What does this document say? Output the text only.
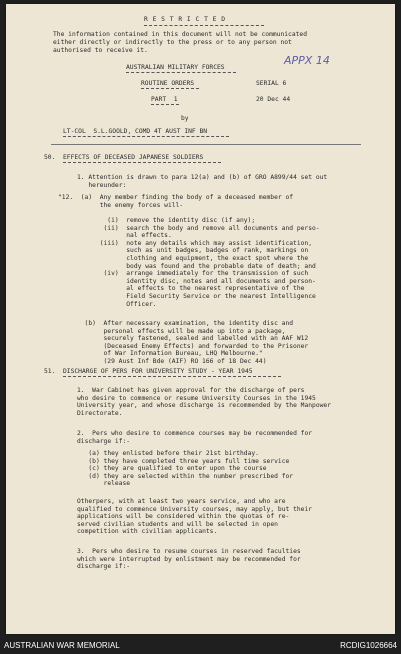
R E S T R I C T E D
The information contained in this document will not be communicated
either directly or indirectly to the press or to any person not
authorised to receive it.
APPX 14
AUSTRALIAN MILITARY FORCES
ROUTINE ORDERS	SERIAL 6
PART  1	20 Dec 44
by
LT-COL  S.L.GOOLD, COMD 4T AUST INF BN
50. EFFECTS OF DECEASED JAPANESE SOLDIERS
1. Attention is drawn to para 12(a) and (b) of GRO A899/44 set out
hereunder:
"12.  (a)  Any member finding the body of a deceased member of
the enemy forces will-
(i)  remove the identity disc (if any);
(ii)  search the body and remove all documents and perso-
nal effects.
(iii)  note any details which may assist identification,
such as unit badges, badges of rank, markings on
clothing and equipment, the exact spot where the
body was found and the probable date of death; and
(iv)  arrange immediately for the transmission of such
identity disc, notes and all documents and person-
al effects to the nearest representative of the
Field Security Service or the nearest Intelligence
Officer.
(b)  After necessary examination, the identity disc and
personal effects will be made up into a package,
securely fastened, sealed and labelled with an AAF W12
(Deceased Enemy Effects) and forwarded to the Prisoner
of War Information Bureau, LHQ Melbourne."
(29 Aust Inf Bde (AIF) RO 166 of 18 Dec 44)
51. DISCHARGE OF PERS FOR UNIVERSITY STUDY - YEAR 1945
1.  War Cabinet has given approval for the discharge of pers
who desire to commence or resume University Courses in the 1945
University year, and whose discharge is recommended by the Manpower
Directorate.
2.  Pers who desire to commence courses may be recommended for
discharge if:-
(a) they enlisted before their 21st birthday.
(b) they have completed three years full time service
(c) they are qualified to enter upon the course
(d) they are selected within the number prescribed for
release
Otherpers, with at least two years service, and who are
qualified to commence University courses, may apply, but their
applications will be considered within the quotas of re-
served civilian students and will be selected in open
competition with civilian applicants.
3.  Pers who desire to resume courses in reserved faculties
which were interrupted by enlistment may be recommended for
discharge if:-
AUSTRALIAN WAR MEMORIAL	RCDIG1026664
